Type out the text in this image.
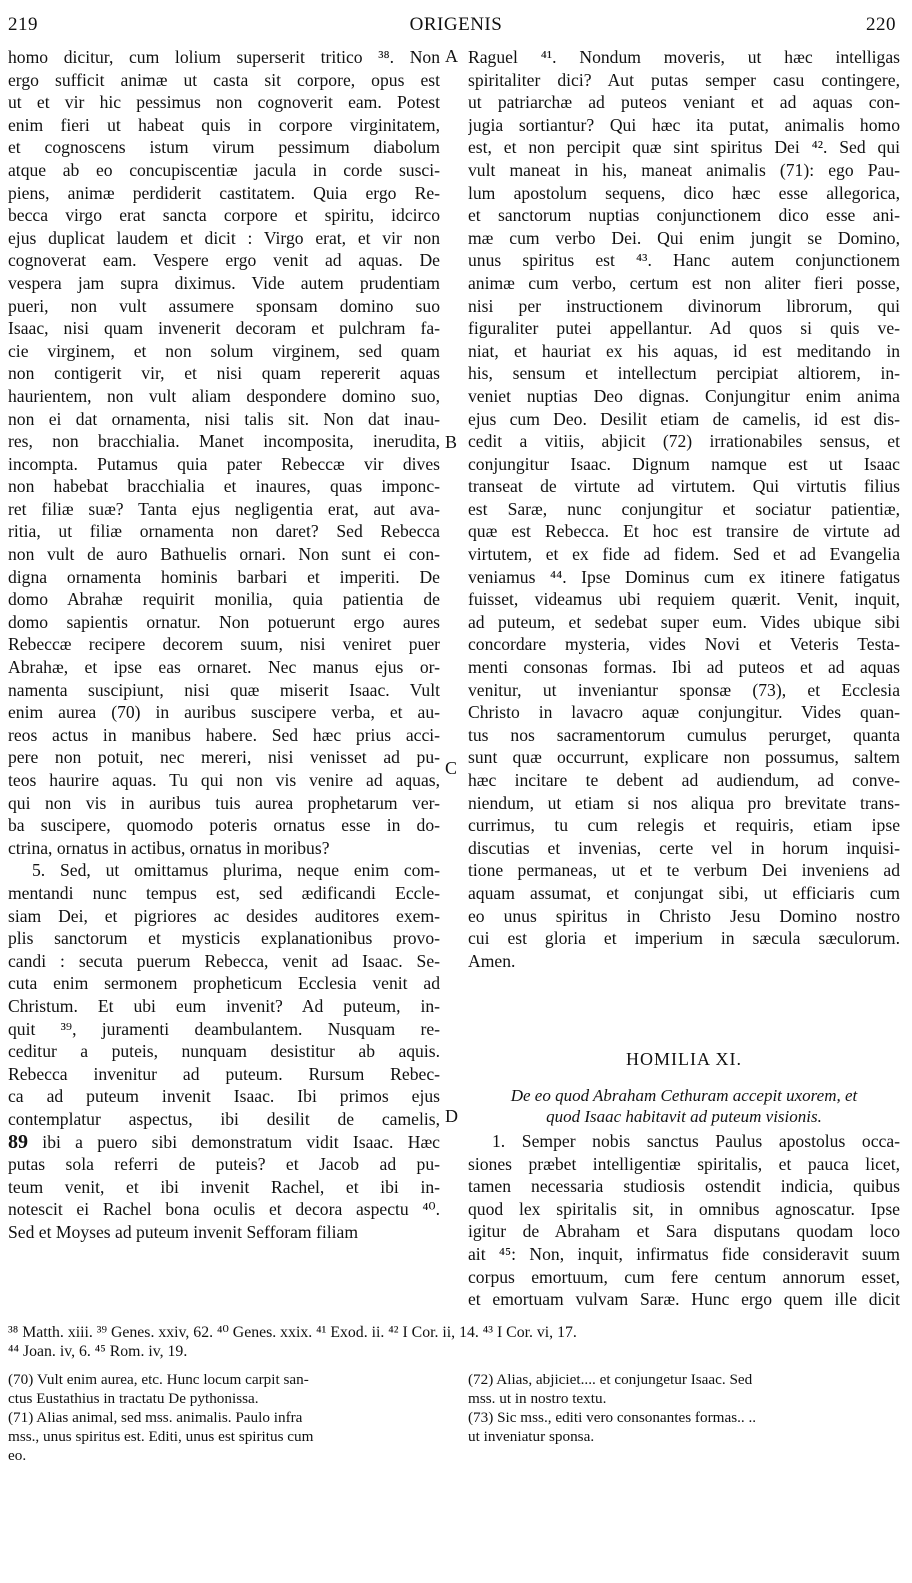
219	ORIGENIS	220
A
B
C
D
homo dicitur, cum lolium superserit tritico ³⁸. Non
ergo sufficit animæ ut casta sit corpore, opus est
ut et vir hic pessimus non cognoverit eam. Potest
enim fieri ut habeat quis in corpore virginitatem,
et cognoscens istum virum pessimum diabolum
atque ab eo concupiscentiæ jacula in corde susci-
piens, animæ perdiderit castitatem. Quia ergo Re-
becca virgo erat sancta corpore et spiritu, idcirco
ejus duplicat laudem et dicit : Virgo erat, et vir non
cognoverat eam. Vespere ergo venit ad aquas. De
vespera jam supra diximus. Vide autem prudentiam
pueri, non vult assumere sponsam domino suo
Isaac, nisi quam invenerit decoram et pulchram fa-
cie virginem, et non solum virginem, sed quam
non contigerit vir, et nisi quam repererit aquas
haurientem, non vult aliam despondere domino suo,
non ei dat ornamenta, nisi talis sit. Non dat inau-
res, non bracchialia. Manet incomposita, inerudita,
incompta. Putamus quia pater Rebeccæ vir dives
non habebat bracchialia et inaures, quas imponc-
ret filiæ suæ? Tanta ejus negligentia erat, aut ava-
ritia, ut filiæ ornamenta non daret? Sed Rebecca
non vult de auro Bathuelis ornari. Non sunt ei con-
digna ornamenta hominis barbari et imperiti. De
domo Abrahæ requirit monilia, quia patientia de
domo sapientis ornatur. Non potuerunt ergo aures
Rebeccæ recipere decorem suum, nisi veniret puer
Abrahæ, et ipse eas ornaret. Nec manus ejus or-
namenta suscipiunt, nisi quæ miserit Isaac. Vult
enim aurea (70) in auribus suscipere verba, et au-
reos actus in manibus habere. Sed hæc prius acci-
pere non potuit, nec mereri, nisi venisset ad pu-
teos haurire aquas. Tu qui non vis venire ad aquas,
qui non vis in auribus tuis aurea prophetarum ver-
ba suscipere, quomodo poteris ornatus esse in do-
ctrina, ornatus in actibus, ornatus in moribus?
5. Sed, ut omittamus plurima, neque enim com-
mentandi nunc tempus est, sed ædificandi Eccle-
siam Dei, et pigriores ac desides auditores exem-
plis sanctorum et mysticis explanationibus provo-
candi : secuta puerum Rebecca, venit ad Isaac. Se-
cuta enim sermonem propheticum Ecclesia venit ad
Christum. Et ubi eum invenit? Ad puteum, in-
quit ³⁹, juramenti deambulantem. Nusquam re-
ceditur a puteis, nunquam desistitur ab aquis.
Rebecca invenitur ad puteum. Rursum Rebec-
ca ad puteum invenit Isaac. Ibi primos ejus
contemplatur aspectus, ibi desilit de camelis,
89 ibi a puero sibi demonstratum vidit Isaac. Hæc
putas sola referri de puteis? et Jacob ad pu-
teum venit, et ibi invenit Rachel, et ibi in-
notescit ei Rachel bona oculis et decora aspectu ⁴⁰.
Sed et Moyses ad puteum invenit Sefforam filiam
Raguel ⁴¹. Nondum moveris, ut hæc intelligas
spiritaliter dici? Aut putas semper casu contingere,
ut patriarchæ ad puteos veniant et ad aquas con-
jugia sortiantur? Qui hæc ita putat, animalis homo
est, et non percipit quæ sint spiritus Dei ⁴². Sed qui
vult maneat in his, maneat animalis (71): ego Pau-
lum apostolum sequens, dico hæc esse allegorica,
et sanctorum nuptias conjunctionem dico esse ani-
mæ cum verbo Dei. Qui enim jungit se Domino,
unus spiritus est ⁴³. Hanc autem conjunctionem
animæ cum verbo, certum est non aliter fieri posse,
nisi per instructionem divinorum librorum, qui
figuraliter putei appellantur. Ad quos si quis ve-
niat, et hauriat ex his aquas, id est meditando in
his, sensum et intellectum percipiat altiorem, in-
veniet nuptias Deo dignas. Conjungitur enim anima
ejus cum Deo. Desilit etiam de camelis, id est dis-
cedit a vitiis, abjicit (72) irrationabiles sensus, et
conjungitur Isaac. Dignum namque est ut Isaac
transeat de virtute ad virtutem. Qui virtutis filius
est Saræ, nunc conjungitur et sociatur patientiæ,
quæ est Rebecca. Et hoc est transire de virtute ad
virtutem, et ex fide ad fidem. Sed et ad Evangelia
veniamus ⁴⁴. Ipse Dominus cum ex itinere fatigatus
fuisset, videamus ubi requiem quærit. Venit, inquit,
ad puteum, et sedebat super eum. Vides ubique sibi
concordare mysteria, vides Novi et Veteris Testa-
menti consonas formas. Ibi ad puteos et ad aquas
venitur, ut inveniantur sponsæ (73), et Ecclesia
Christo in lavacro aquæ conjungitur. Vides quan-
tus nos sacramentorum cumulus perurget, quanta
sunt quæ occurrunt, explicare non possumus, saltem
hæc incitare te debent ad audiendum, ad conve-
niendum, ut etiam si nos aliqua pro brevitate trans-
currimus, tu cum relegis et requiris, etiam ipse
discutias et invenias, certe vel in horum inquisi-
tione permaneas, ut et te verbum Dei inveniens ad
aquam assumat, et conjungat sibi, ut efficiaris cum
eo unus spiritus in Christo Jesu Domino nostro
cui est gloria et imperium in sæcula sæculorum.
Amen.
HOMILIA XI.
De eo quod Abraham Cethuram accepit uxorem, et
quod Isaac habitavit ad puteum visionis.
1. Semper nobis sanctus Paulus apostolus occa-
siones præbet intelligentiæ spiritalis, et pauca licet,
tamen necessaria studiosis ostendit indicia, quibus
quod lex spiritalis sit, in omnibus agnoscatur. Ipse
igitur de Abraham et Sara disputans quodam loco
ait ⁴⁵: Non, inquit, infirmatus fide consideravit suum
corpus emortuum, cum fere centum annorum esset,
et emortuam vulvam Saræ. Hunc ergo quem ille dicit
³⁸ Matth. xiii. ³⁹ Genes. xxiv, 62. ⁴⁰ Genes. xxix. ⁴¹ Exod. ii. ⁴² I Cor. ii, 14. ⁴³ I Cor. vi, 17.
⁴⁴ Joan. iv, 6. ⁴⁵ Rom. iv, 19.
(70) Vult enim aurea, etc. Hunc locum carpit san-
ctus Eustathius in tractatu De pythonissa.
(71) Alias animal, sed mss. animalis. Paulo infra
mss., unus spiritus est. Editi, unus est spiritus cum
eo.
(72) Alias, abjiciet.... et conjungetur Isaac. Sed
mss. ut in nostro textu.
(73) Sic mss., editi vero consonantes formas.. ..
ut inveniatur sponsa.
